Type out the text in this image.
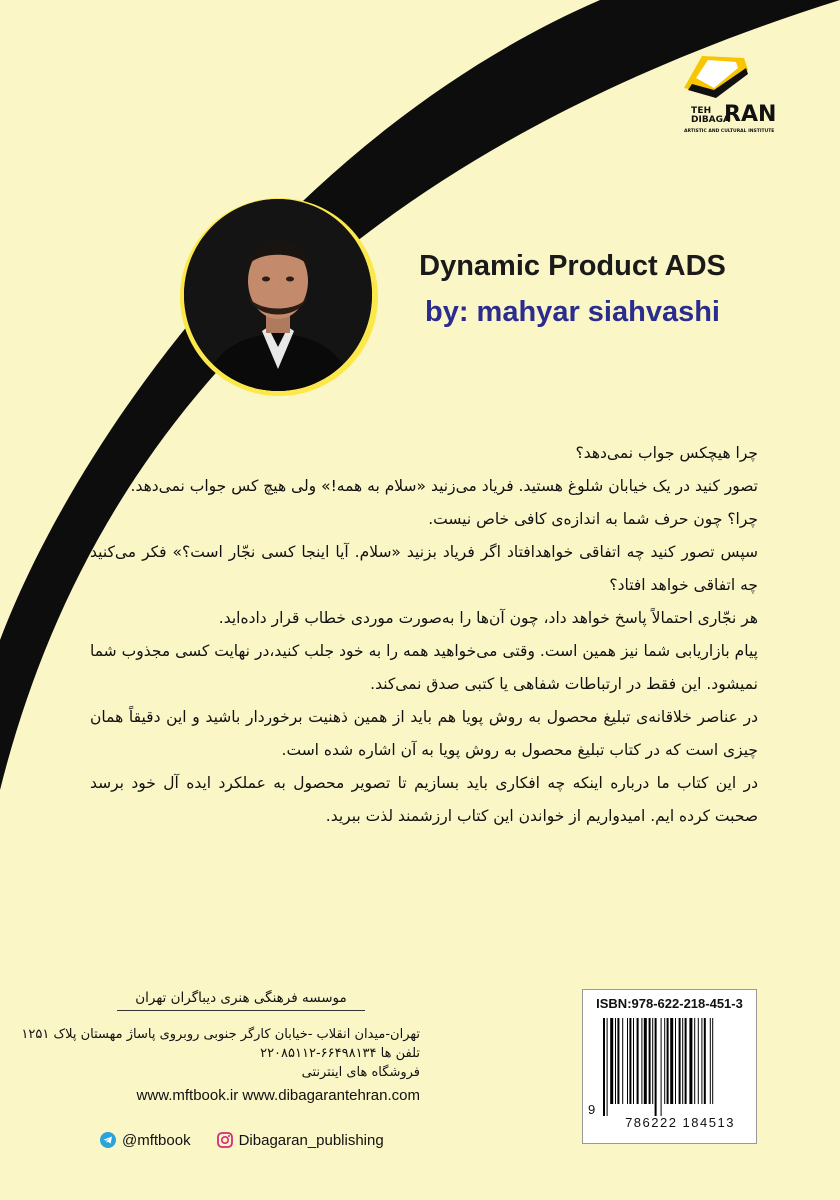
TEH
DIBAGA
RAN
ARTISTIC AND CULTURAL INSTITUTE
Dynamic Product ADS
by: mahyar siahvashi

چرا هیچکس جواب نمی‌دهد؟

تصور کنید در یک خیابان شلوغ هستید. فریاد می‌زنید «سلام به همه!» ولی هیچ کس جواب نمی‌دهد.

چرا؟ چون حرف شما به اندازه‌ی کافی خاص نیست.

سپس تصور کنید چه اتفاقی خواهدافتاد اگر فریاد بزنید «سلام. آیا اینجا کسی نجّار است؟» فکر می‌کنید چه اتفاقی خواهد افتاد؟

هر نجّاری احتمالاً پاسخ خواهد داد، چون آن‌ها را به‌صورت موردی خطاب قرار داده‌اید.

پیام بازاریابی شما نیز همین است. وقتی می‌خواهید همه را به خود جلب کنید،در نهایت کسی مجذوب شما نمیشود. این فقط در ارتباطات شفاهی یا کتبی صدق نمی‌کند.

در عناصر خلاقانه‌ی تبلیغ محصول به روش پویا هم باید از همین ذهنیت برخوردار باشید و این دقیقاً همان چیزی است که در کتاب تبلیغ محصول به روش پویا به آن اشاره شده است.

در این کتاب ما درباره اینکه چه افکاری باید بسازیم تا تصویر محصول به عملکرد ایده آل خود برسد صحبت کرده ایم. امیدواریم از خواندن این کتاب ارزشمند لذت ببرید.

موسسه فرهنگی هنری دیباگران تهران
تهران-میدان انقلاب -خیابان کارگر جنوبی روبروی پاساژ مهستان پلاک ۱۲۵۱
تلفن ها ۶۶۴۹۸۱۳۴-۲۲۰۸۵۱۱۲
فروشگاه های اینترنتی
www.mftbook.ir www.dibagarantehran.com
@mftbook	Dibagaran_publishing
ISBN:978-622-218-451-3
9
786222 184513
